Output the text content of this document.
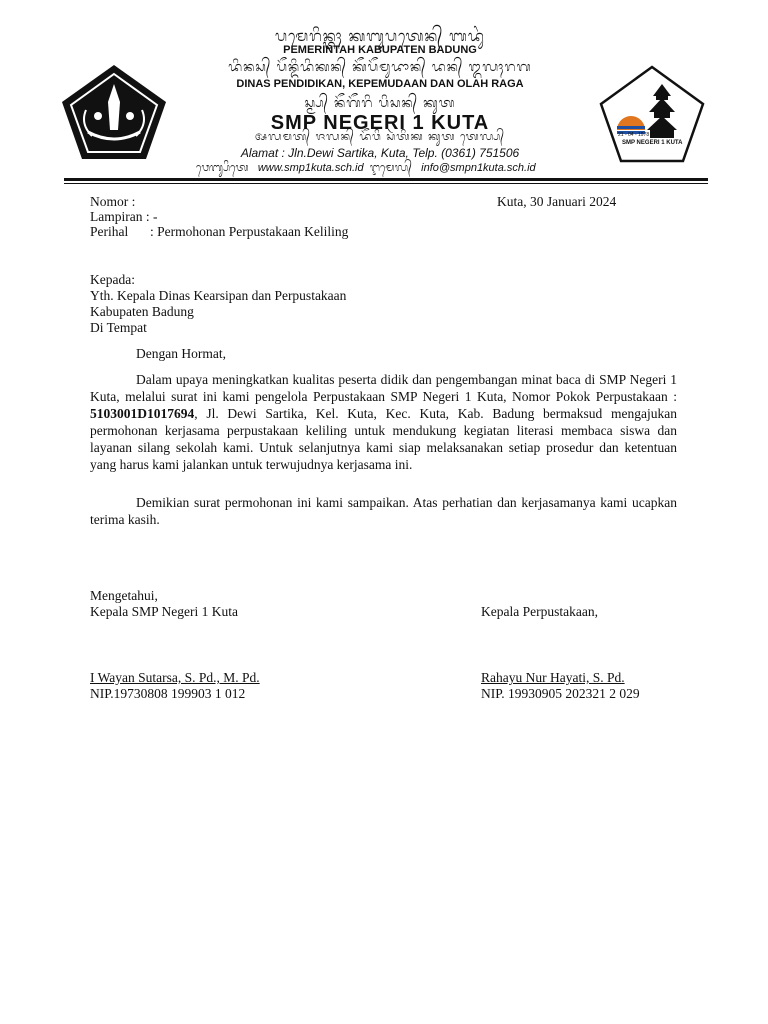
21 - 04 - 1978
SMP NEGERI 1 KUTA
ᬧᬫᬾᬭᬶᬦ᭄ᬢᬄ ᬓᬩᬸᬧᬢᬾᬦ᭄ ᬩᬤᬸᬂ
PEMERINTAH KABUPATEN BADUNG
ᬤᬶᬦᬲ᭄ ᬧᭂᬦ᭄ᬤᬶᬤᬶᬓᬦ᭄ ᬓᭂᬧᭂᬫᬸᬤᬵᬦ᭄ ᬤᬦ᭄ ᬑᬮᬄᬭᬕ
DINAS PENDIDIKAN, KEPEMUDAAN DAN OLAH RAGA
ᬲ᭄ᬫ᭄ᬧ᭄ ᬦᭂᬕᭂᬭᬶ ᬧᬶᬲᬦ᭄ ᬓᬸᬢ
SMP NEGERI 1 KUTA
ᬅᬮᬫᬢ᭄ ᬚᬮᬦ᭄ ᬤᭂᬯᬶ ᬲᬃᬢᬶᬓ ᬓᬸᬢ ᬢᬾᬮ᭄ᬧ᭄
Alamat : Jln.Dewi Sartika, Kuta, Telp. (0361) 751506
ᬯᬾᬩ᭄ᬲᬶᬢᬾ www.smp1kuta.sch.id ᬇᬫᬾᬮ᭄ info@smpn1kuta.sch.id
Nomor :	Kuta, 30 Januari 2024
Lampiran : -
Perihal : Permohonan Perpustakaan Keliling
Kepada:
Yth. Kepala Dinas Kearsipan dan Perpustakaan
Kabupaten Badung
Di Tempat
Dengan Hormat,

Dalam upaya meningkatkan kualitas peserta didik dan pengembangan minat baca di SMP Negeri 1 Kuta, melalui surat ini kami pengelola Perpustakaan SMP Negeri 1 Kuta, Nomor Pokok Perpustakaan : 5103001D1017694, Jl. Dewi Sartika, Kel. Kuta, Kec. Kuta, Kab. Badung bermaksud mengajukan permohonan kerjasama perpustakaan keliling untuk mendukung kegiatan literasi membaca siswa dan layanan silang sekolah kami. Untuk selanjutnya kami siap melaksanakan setiap prosedur dan ketentuan yang harus kami jalankan untuk terwujudnya kerjasama ini.

Demikian surat permohonan ini kami sampaikan. Atas perhatian dan kerjasamanya kami ucapkan terima kasih.

Mengetahui,
Kepala SMP Negeri 1 Kuta	Kepala Perpustakaan,
I Wayan Sutarsa, S. Pd., M. Pd.	Rahayu Nur Hayati, S. Pd.
NIP.19730808 199903 1 012	NIP. 19930905 202321 2 029
